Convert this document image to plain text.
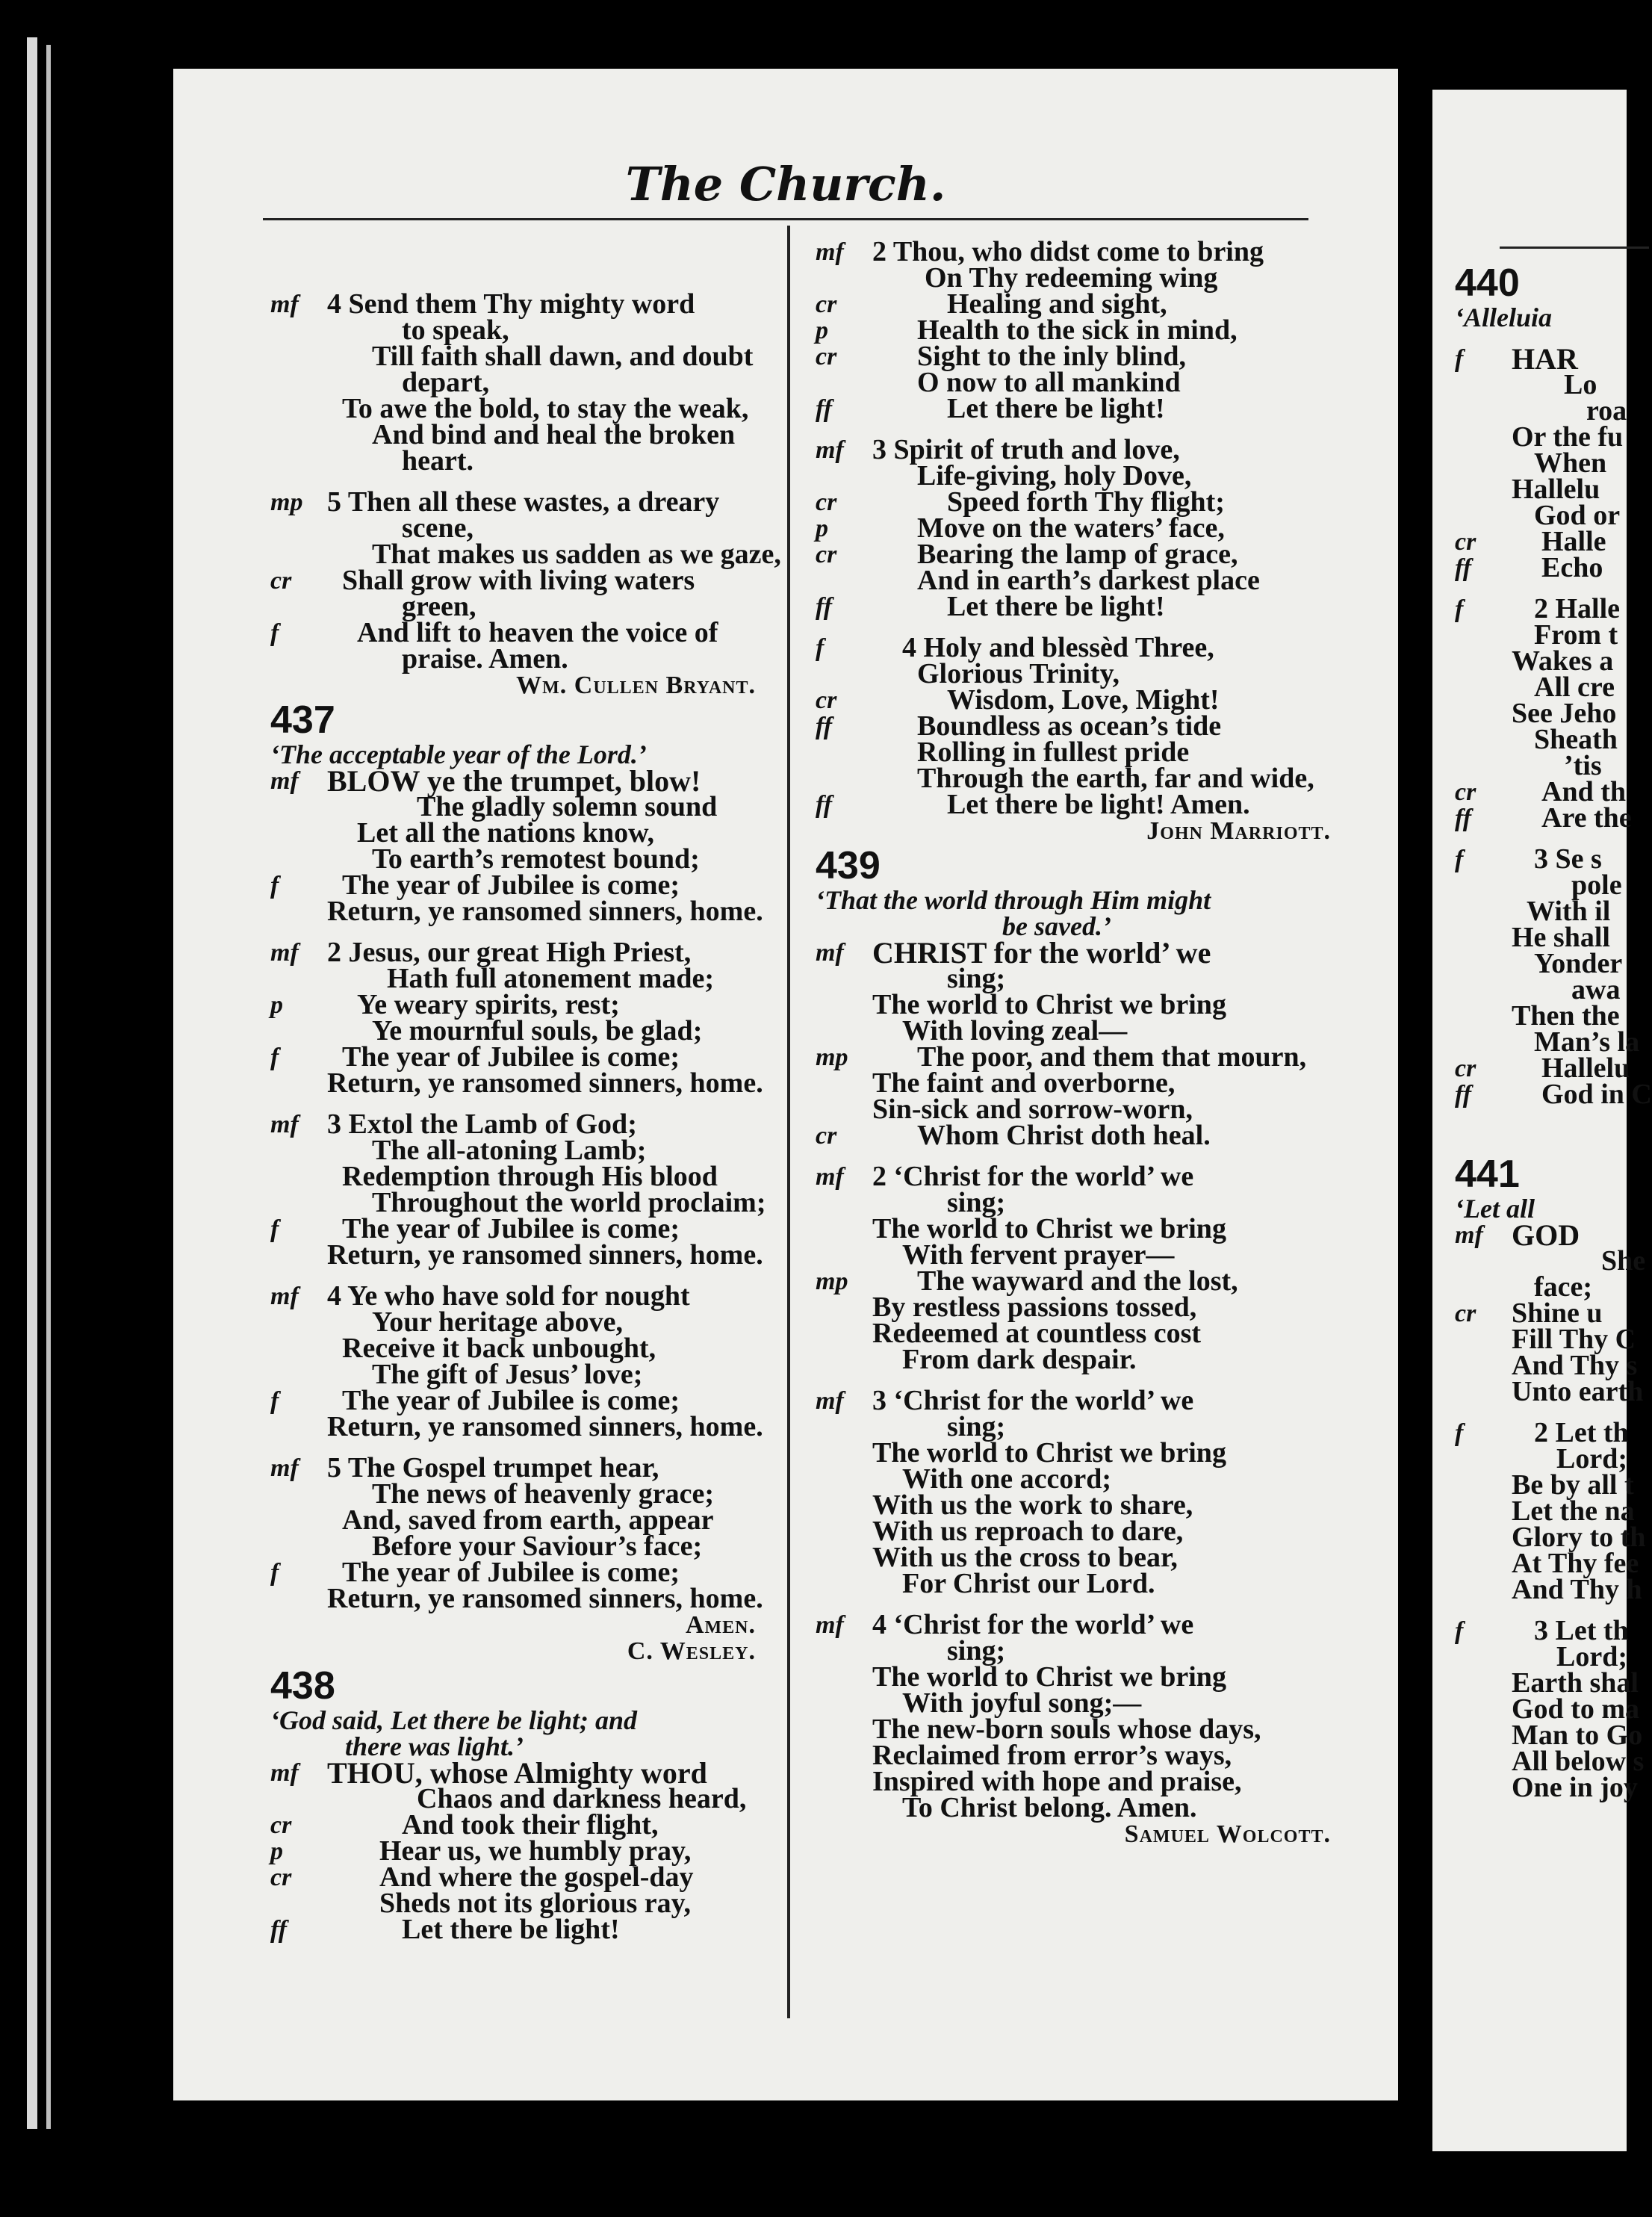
The Church.
mf	4 Send them Thy mighty word
to speak,
Till faith shall dawn, and doubt
depart,
To awe the bold, to stay the weak,
And bind and heal the broken
heart.
mp 5 Then all these wastes, a dreary
scene,
That makes us sadden as we gaze,
cr	Shall grow with living waters
green,
f	And lift to heaven the voice of
praise. Amen.
Wm. Cullen Bryant.
437
‘The acceptable year of the Lord.’
mf BLOW ye the trumpet, blow!
The gladly solemn sound
Let all the nations know,
To earth’s remotest bound;
f	The year of Jubilee is come;
Return, ye ransomed sinners, home.
mf	2 Jesus, our great High Priest,
Hath full atonement made;
p	Ye weary spirits, rest;
Ye mournful souls, be glad;
f	The year of Jubilee is come;
Return, ye ransomed sinners, home.
mf	3 Extol the Lamb of God;
The all-atoning Lamb;
Redemption through His blood
Throughout the world proclaim;
f	The year of Jubilee is come;
Return, ye ransomed sinners, home.
mf	4 Ye who have sold for nought
Your heritage above,
Receive it back unbought,
The gift of Jesus’ love;
f	The year of Jubilee is come;
Return, ye ransomed sinners, home.
mf	5 The Gospel trumpet hear,
The news of heavenly grace;
And, saved from earth, appear
Before your Saviour’s face;
f	The year of Jubilee is come;
Return, ye ransomed sinners, home.
Amen.
C. Wesley.
438
‘God said, Let there be light; and
there was light.’
mf THOU, whose Almighty word
Chaos and darkness heard,
cr	And took their flight,
p	Hear us, we humbly pray,
cr	And where the gospel-day
Sheds not its glorious ray,
ff	Let there be light!
mf	2 Thou, who didst come to bring
On Thy redeeming wing
cr	Healing and sight,
p	Health to the sick in mind,
cr	Sight to the inly blind,
O now to all mankind
ff	Let there be light!
mf	3 Spirit of truth and love,
Life-giving, holy Dove,
cr	Speed forth Thy flight;
p	Move on the waters’ face,
cr	Bearing the lamp of grace,
And in earth’s darkest place
ff	Let there be light!
f	4 Holy and blessèd Three,
Glorious Trinity,
cr	Wisdom, Love, Might!
ff	Boundless as ocean’s tide
Rolling in fullest pride
Through the earth, far and wide,
ff	Let there be light! Amen.
John Marriott.
439
‘That the world through Him might
be saved.’
mf CHRIST for the world’ we
sing;
The world to Christ we bring
With loving zeal—
mp	The poor, and them that mourn,
The faint and overborne,
Sin-sick and sorrow-worn,
cr	Whom Christ doth heal.
mf	2 ‘Christ for the world’ we
sing;
The world to Christ we bring
With fervent prayer—
mp	The wayward and the lost,
By restless passions tossed,
Redeemed at countless cost
From dark despair.
mf	3 ‘Christ for the world’ we
sing;
The world to Christ we bring
With one accord;
With us the work to share,
With us reproach to dare,
With us the cross to bear,
For Christ our Lord.
mf	4 ‘Christ for the world’ we
sing;
The world to Christ we bring
With joyful song;—
The new-born souls whose days,
Reclaimed from error’s ways,
Inspired with hope and praise,
To Christ belong. Amen.
Samuel Wolcott.
440
‘Alleluia
f	HAR
Lo
roa
Or the fu
When
Hallelu
God or
cr	Halle
ff	Echo
f	2 Halle
From t
Wakes a
All cre
See Jeho
Sheath
’tis
cr	And th
ff	Are the
f	3 Se s
pole
With il
He shall
Yonder
awa
Then the
Man’s la
cr	Hallelu
ff	God in C
441
‘Let all
mf GOD
She
face;
cr	Shine u
Fill Thy C
And Thy s
Unto earth
f	2 Let th
Lord;
Be by all t
Let the na
Glory to th
At Thy fee
And Thy h
f	3 Let th
Lord;
Earth shal
God to ma
Man to Go
All below s
One in joy
